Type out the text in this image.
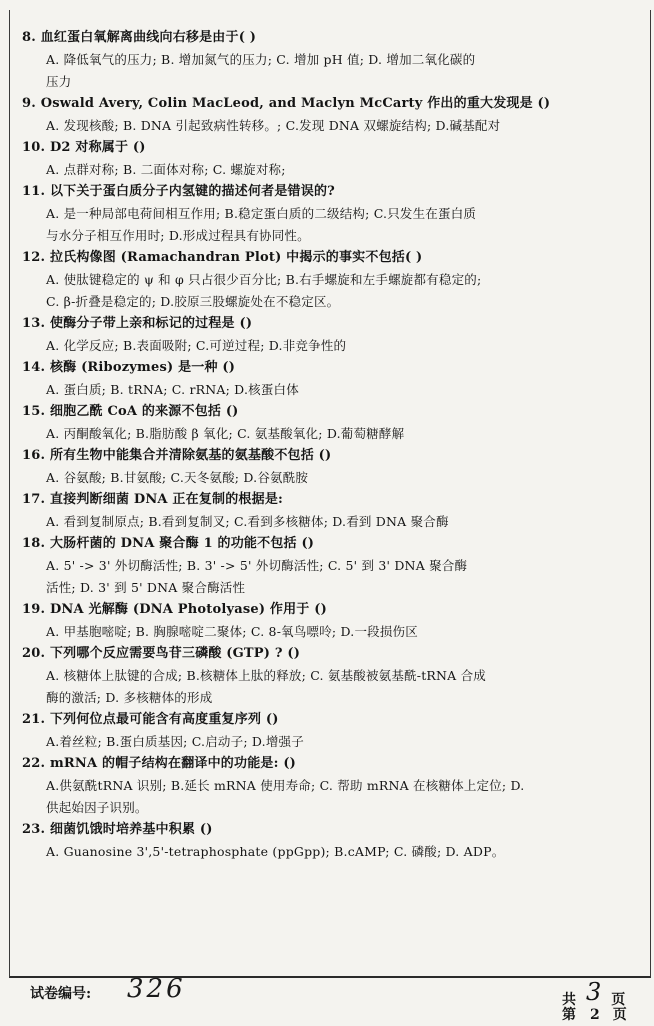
8. 血红蛋白氧解离曲线向右移是由于( )
A. 降低氧气的压力; B. 增加氮气的压力; C. 增加 pH 值; D. 增加二氧化碳的
压力
9. Oswald Avery, Colin MacLeod, and Maclyn McCarty 作出的重大发现是 ()
A. 发现核酸; B. DNA 引起致病性转移。; C.发现 DNA 双螺旋结构; D.碱基配对
10. D2 对称属于 ()
A. 点群对称; B. 二面体对称; C. 螺旋对称;
11. 以下关于蛋白质分子内氢键的描述何者是错误的?
A. 是一种局部电荷间相互作用; B.稳定蛋白质的二级结构; C.只发生在蛋白质
与水分子相互作用时; D.形成过程具有协同性。
12. 拉氏构像图 (Ramachandran Plot) 中揭示的事实不包括( )
A. 使肽键稳定的 ψ 和 φ 只占很少百分比; B.右手螺旋和左手螺旋都有稳定的;
C. β-折叠是稳定的; D.胶原三股螺旋处在不稳定区。
13. 使酶分子带上亲和标记的过程是 ()
A. 化学反应; B.表面吸附; C.可逆过程; D.非竞争性的
14. 核酶 (Ribozymes) 是一种 ()
A. 蛋白质; B. tRNA; C. rRNA; D.核蛋白体
15. 细胞乙酰 CoA 的来源不包括 ()
A. 丙酮酸氧化; B.脂肪酸 β 氧化; C. 氨基酸氧化; D.葡萄糖酵解
16. 所有生物中能集合并清除氨基的氨基酸不包括 ()
A. 谷氨酸; B.甘氨酸; C.天冬氨酸; D.谷氨酰胺
17. 直接判断细菌 DNA 正在复制的根据是:
A. 看到复制原点; B.看到复制叉; C.看到多核糖体; D.看到 DNA 聚合酶
18. 大肠杆菌的 DNA 聚合酶 1 的功能不包括 ()
A. 5' -> 3' 外切酶活性; B. 3' -> 5' 外切酶活性; C. 5' 到 3' DNA 聚合酶
活性; D. 3' 到 5' DNA 聚合酶活性
19. DNA 光解酶 (DNA Photolyase) 作用于 ()
A. 甲基胞嘧啶; B. 胸腺嘧啶二聚体; C. 8-氧鸟嘌呤; D.一段损伤区
20. 下列哪个反应需要鸟苷三磷酸 (GTP) ? ()
A. 核糖体上肽键的合成; B.核糖体上肽的释放; C. 氨基酸被氨基酰-tRNA 合成
酶的激活; D. 多核糖体的形成
21. 下列何位点最可能含有高度重复序列 ()
A.着丝粒; B.蛋白质基因; C.启动子; D.增强子
22. mRNA 的帽子结构在翻译中的功能是: ()
A.供氨酰tRNA 识别; B.延长 mRNA 使用寿命; C. 帮助 mRNA 在核糖体上定位; D.
供起始因子识别。
23. 细菌饥饿时培养基中积累 ()
A. Guanosine 3',5'-tetraphosphate (ppGpp); B.cAMP; C. 磷酸; D. ADP。
试卷编号: 326	共 3 页
第 2 页
